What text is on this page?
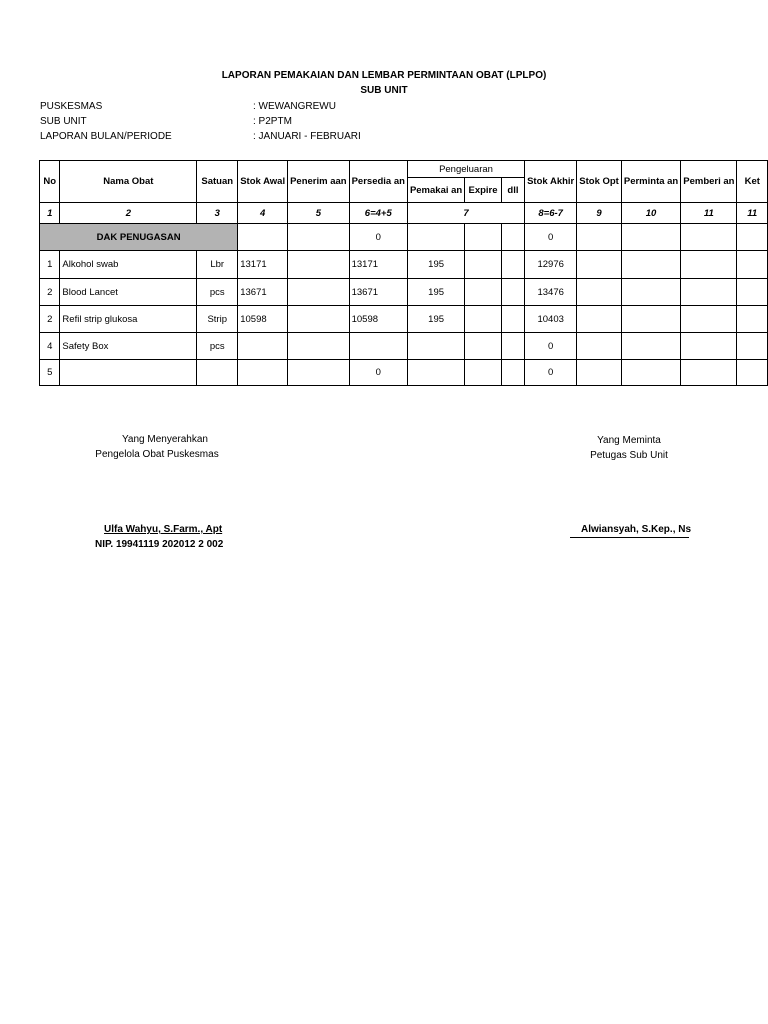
LAPORAN PEMAKAIAN DAN LEMBAR PERMINTAAN OBAT (LPLPO)
SUB UNIT
PUSKESMAS	: WEWANGREWU
SUB UNIT	: P2PTM
LAPORAN BULAN/PERIODE	: JANUARI - FEBRUARI
No	Nama Obat	Satuan	Stok Awal	Penerim aan	Persedia an	Pengeluaran			Stok Akhir	Stok Opt	Perminta an	Pemberi an	Ket
						Pemakai an	Expire	dll					
1	2	3	4	5	6=4+5	7			8=6-7	9	10	11	11
DAK PENUGASAN					0				0				
1	Alkohol swab	Lbr	13171		13171	195			12976				
2	Blood Lancet	pcs	13671		13671	195			13476				
2	Refil strip glukosa	Strip	10598		10598	195			10403				
4	Safety Box	pcs							0				
5					0				0				
Yang Menyerahkan
Pengelola Obat Puskesmas
Ulfa Wahyu, S.Farm., Apt
NIP. 19941119 202012 2 002
Yang Meminta
Petugas Sub Unit
Alwiansyah, S.Kep., Ns
